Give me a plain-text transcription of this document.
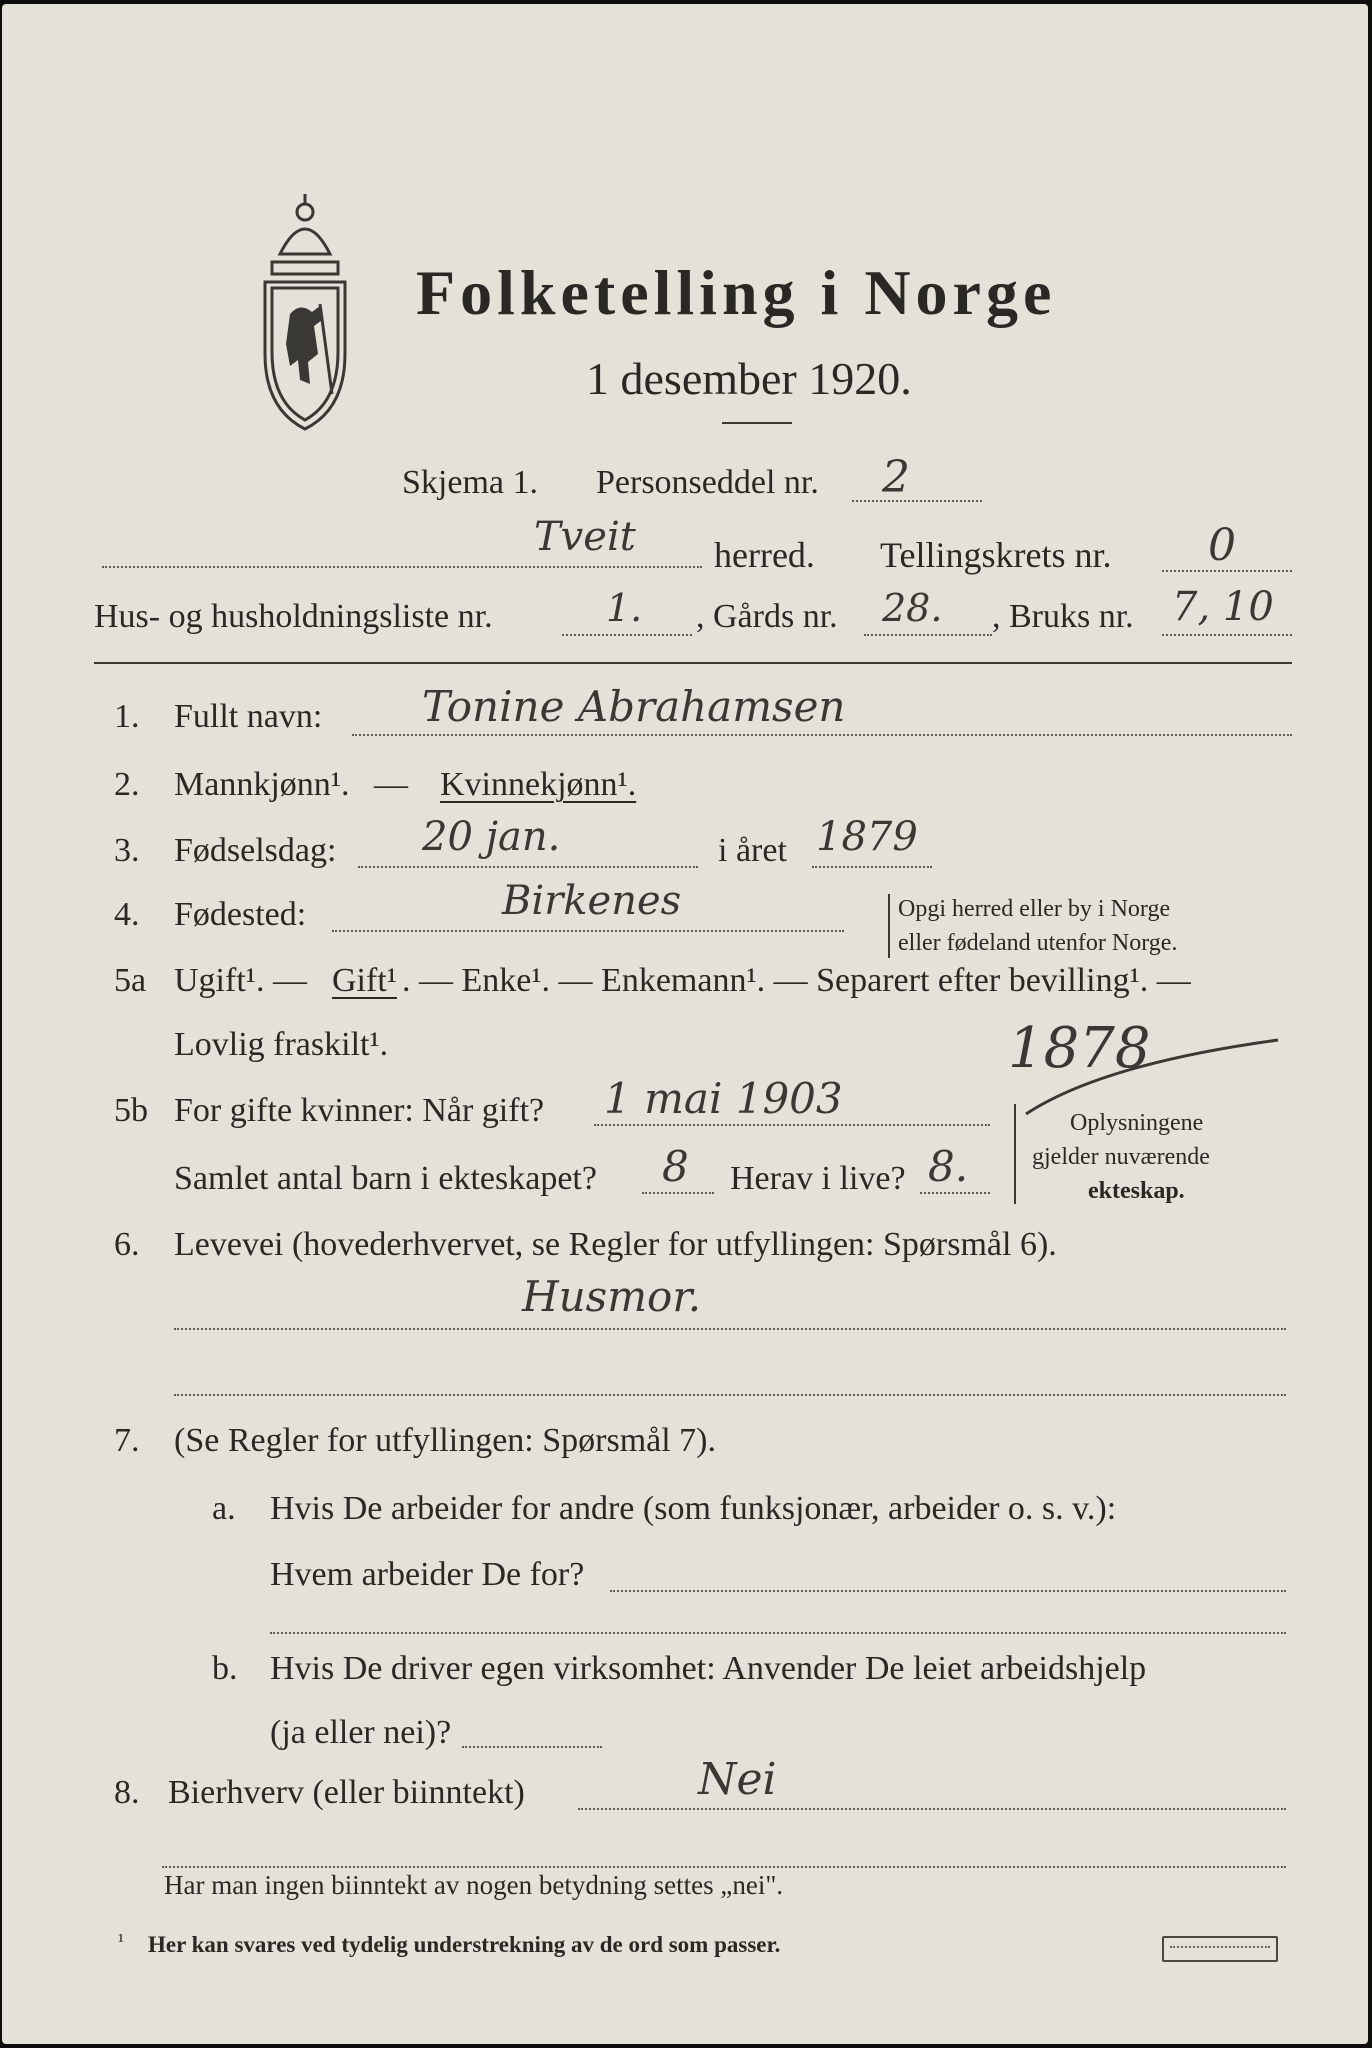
Folketelling i Norge
1 desember 1920.
Skjema 1. Personseddel nr. 2
Tveit herred. Tellingskrets nr. 0
Hus- og husholdningsliste nr.	1. , Gårds nr. 28. , Bruks nr. 7, 10
1. Fullt navn: Tonine Abrahamsen
2. Mannkjønn¹. — Kvinnekjønn¹.
3. Fødselsdag: 20 jan.	i året 1879
4. Fødested:	Birkenes	Opgi herred eller by i Norge
eller fødeland utenfor Norge.
5a Ugift¹. — Gift¹ . — Enke¹. — Enkemann¹. — Separert efter bevilling¹. —
Lovlig fraskilt¹.	1878
5b For gifte kvinner: Når gift? 1 mai 1903
Samlet antal barn i ekteskapet? 8 Herav i live? 8.
Oplysningene
gjelder nuværende
ekteskap.
6. Levevei (hovederhvervet, se Regler for utfyllingen: Spørsmål 6).
Husmor.
7. (Se Regler for utfyllingen: Spørsmål 7).
a. Hvis De arbeider for andre (som funksjonær, arbeider o. s. v.):
Hvem arbeider De for?
b. Hvis De driver egen virksomhet: Anvender De leiet arbeidshjelp
(ja eller nei)?
8. Bierhverv (eller biinntekt)	Nei
Har man ingen biinntekt av nogen betydning settes „nei".
¹ Her kan svares ved tydelig understrekning av de ord som passer.
